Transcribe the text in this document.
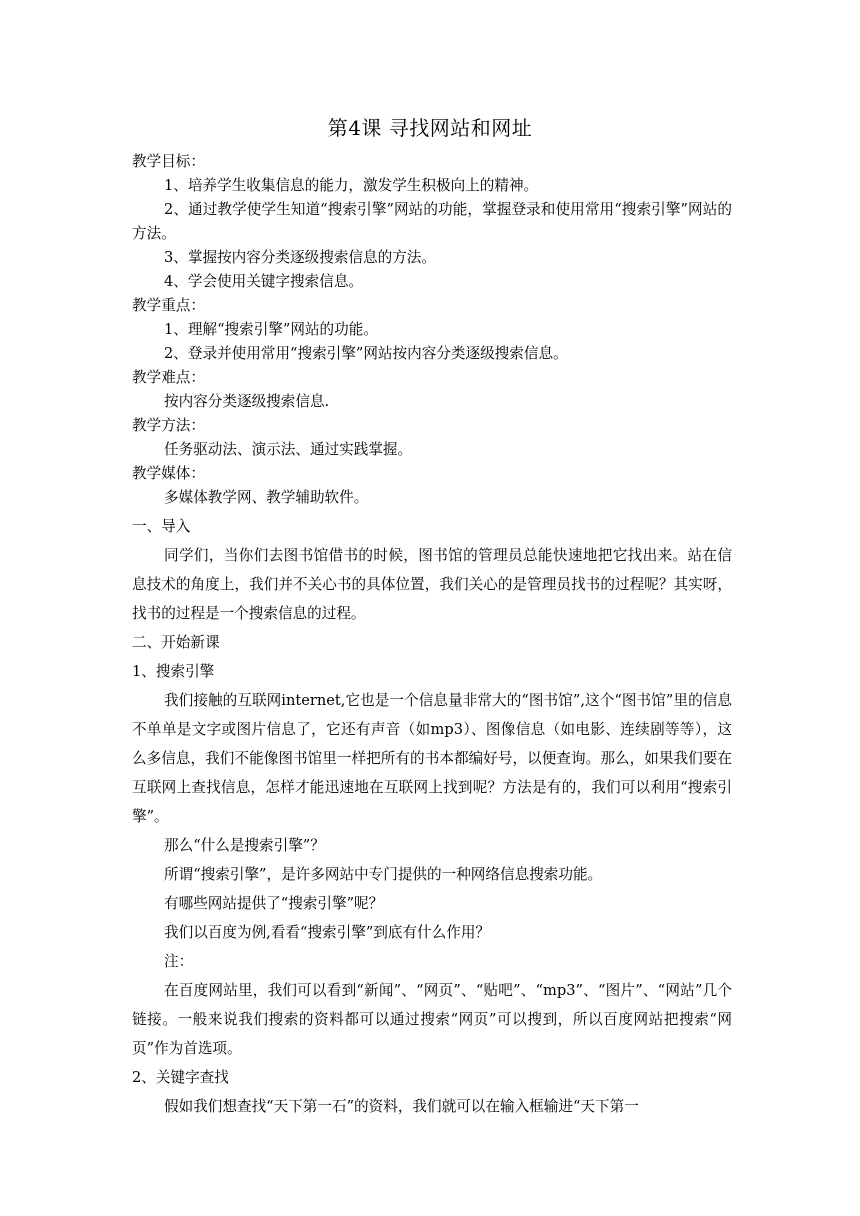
第4课 寻找网站和网址

教学目标：

1、培养学生收集信息的能力，激发学生积极向上的精神。

2、通过教学使学生知道“搜索引擎”网站的功能，掌握登录和使用常用“搜索引擎”网站的方法。

3、掌握按内容分类逐级搜索信息的方法。

4、学会使用关键字搜索信息。

教学重点：

1、理解“搜索引擎”网站的功能。

2、登录并使用常用“搜索引擎”网站按内容分类逐级搜索信息。

教学难点：

按内容分类逐级搜索信息.

教学方法：

任务驱动法、演示法、通过实践掌握。

教学媒体：

多媒体教学网、教学辅助软件。

一、导入

同学们，当你们去图书馆借书的时候，图书馆的管理员总能快速地把它找出来。站在信息技术的角度上，我们并不关心书的具体位置，我们关心的是管理员找书的过程呢？其实呀，找书的过程是一个搜索信息的过程。

二、开始新课

1、搜索引擎

我们接触的互联网internet,它也是一个信息量非常大的“图书馆”,这个“图书馆”里的信息不单单是文字或图片信息了，它还有声音（如mp3）、图像信息（如电影、连续剧等等），这么多信息，我们不能像图书馆里一样把所有的书本都编好号，以便查询。那么，如果我们要在互联网上查找信息，怎样才能迅速地在互联网上找到呢？方法是有的，我们可以利用“搜索引擎”。

那么“什么是搜索引擎”？

所谓“搜索引擎”，是许多网站中专门提供的一种网络信息搜索功能。

有哪些网站提供了“搜索引擎”呢？

我们以百度为例,看看“搜索引擎”到底有什么作用？

注：

在百度网站里，我们可以看到“新闻”、“网页”、“贴吧”、“mp3”、“图片”、“网站”几个链接。一般来说我们搜索的资料都可以通过搜索“网页”可以搜到，所以百度网站把搜索“网页”作为首选项。

2、关键字查找

假如我们想查找“天下第一石”的资料，我们就可以在输入框输进“天下第一
